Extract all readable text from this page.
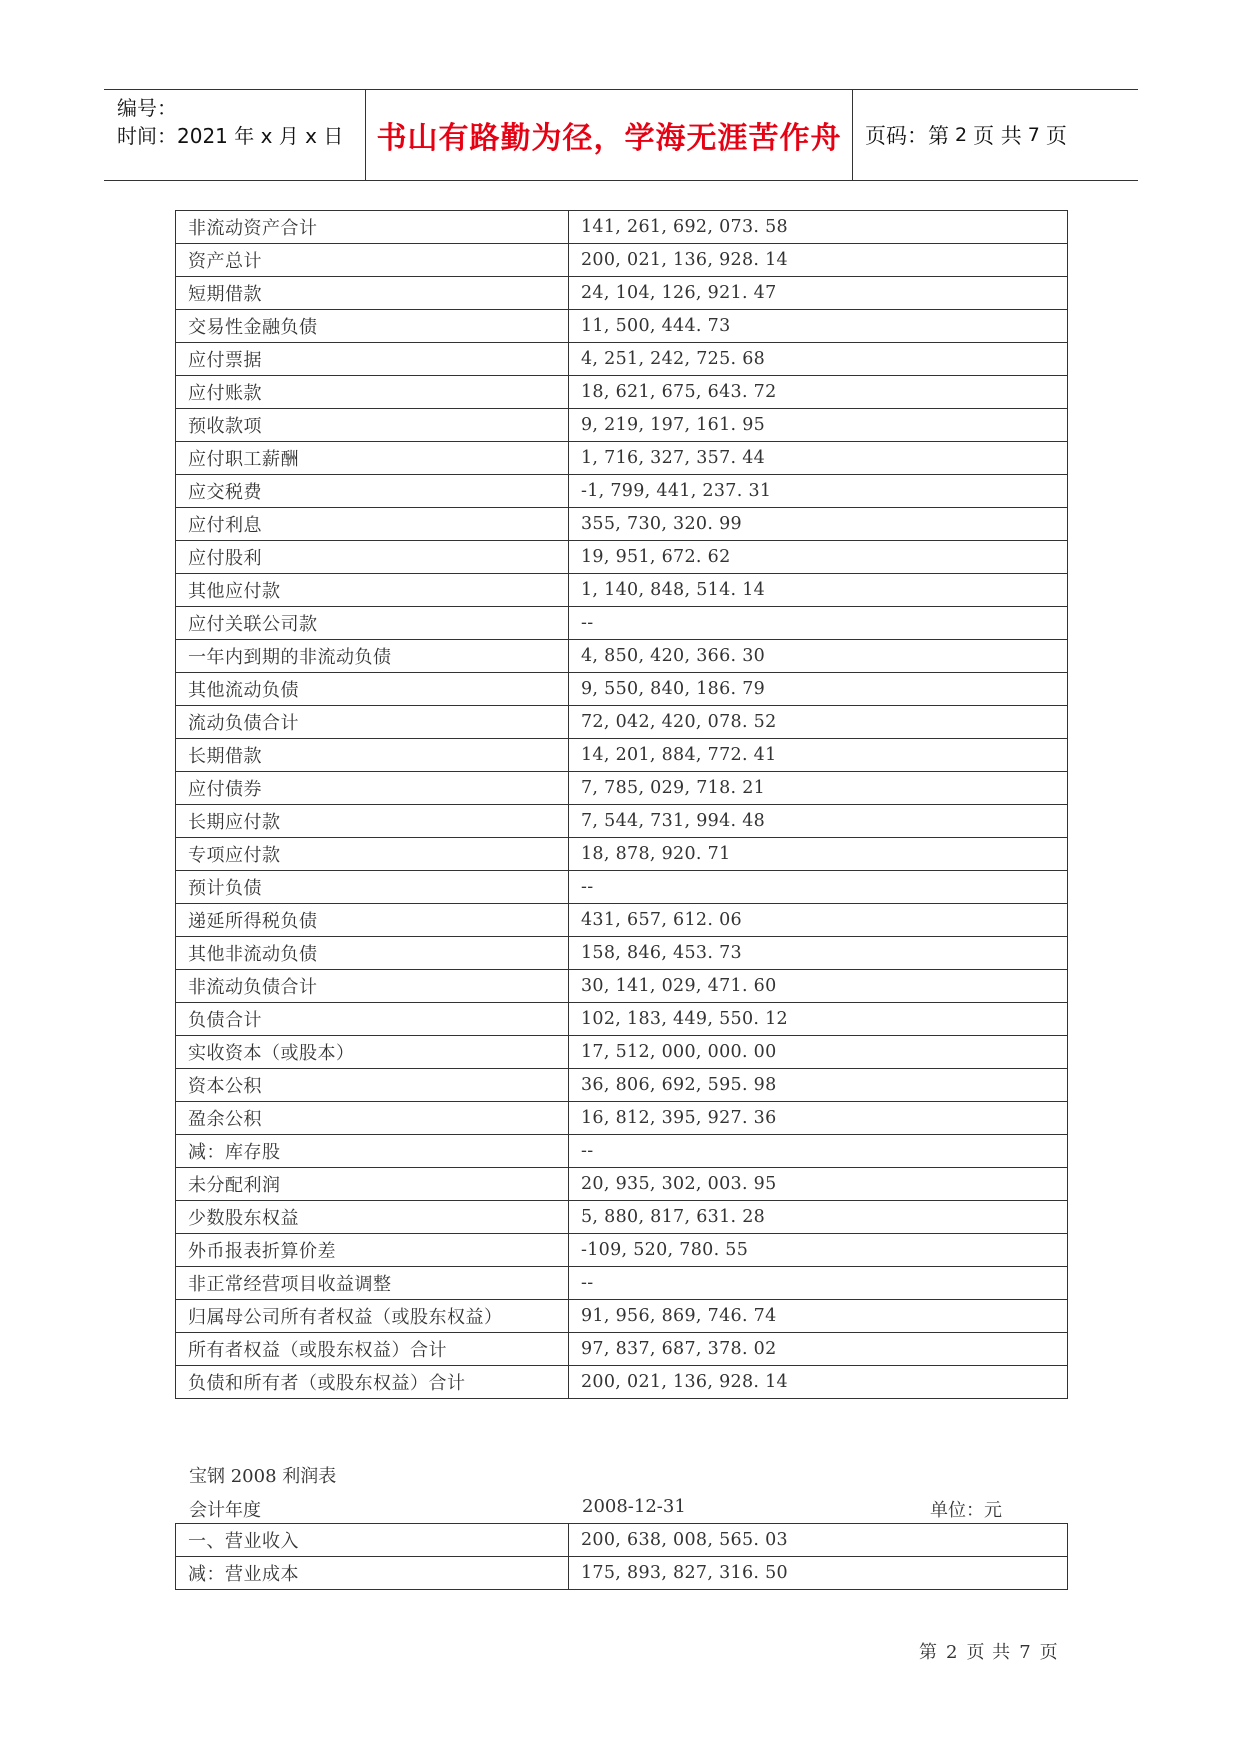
编号：
时间：2021 年 x 月 x 日	书山有路勤为径，学海无涯苦作舟	页码：第 2 页 共 7 页
非流动资产合计	141, 261, 692, 073. 58
资产总计	200, 021, 136, 928. 14
短期借款	24, 104, 126, 921. 47
交易性金融负债	11, 500, 444. 73
应付票据	4, 251, 242, 725. 68
应付账款	18, 621, 675, 643. 72
预收款项	9, 219, 197, 161. 95
应付职工薪酬	1, 716, 327, 357. 44
应交税费	-1, 799, 441, 237. 31
应付利息	355, 730, 320. 99
应付股利	19, 951, 672. 62
其他应付款	1, 140, 848, 514. 14
应付关联公司款	--
一年内到期的非流动负债	4, 850, 420, 366. 30
其他流动负债	9, 550, 840, 186. 79
流动负债合计	72, 042, 420, 078. 52
长期借款	14, 201, 884, 772. 41
应付债券	7, 785, 029, 718. 21
长期应付款	7, 544, 731, 994. 48
专项应付款	18, 878, 920. 71
预计负债	--
递延所得税负债	431, 657, 612. 06
其他非流动负债	158, 846, 453. 73
非流动负债合计	30, 141, 029, 471. 60
负债合计	102, 183, 449, 550. 12
实收资本（或股本）	17, 512, 000, 000. 00
资本公积	36, 806, 692, 595. 98
盈余公积	16, 812, 395, 927. 36
减：库存股	--
未分配利润	20, 935, 302, 003. 95
少数股东权益	5, 880, 817, 631. 28
外币报表折算价差	-109, 520, 780. 55
非正常经营项目收益调整	--
归属母公司所有者权益（或股东权益）	91, 956, 869, 746. 74
所有者权益（或股东权益）合计	97, 837, 687, 378. 02
负债和所有者（或股东权益）合计	200, 021, 136, 928. 14
宝钢 2008 利润表
会计年度	2008-12-31	单位：元
一、营业收入	200, 638, 008, 565. 03
减：营业成本	175, 893, 827, 316. 50
第 2 页 共 7 页
